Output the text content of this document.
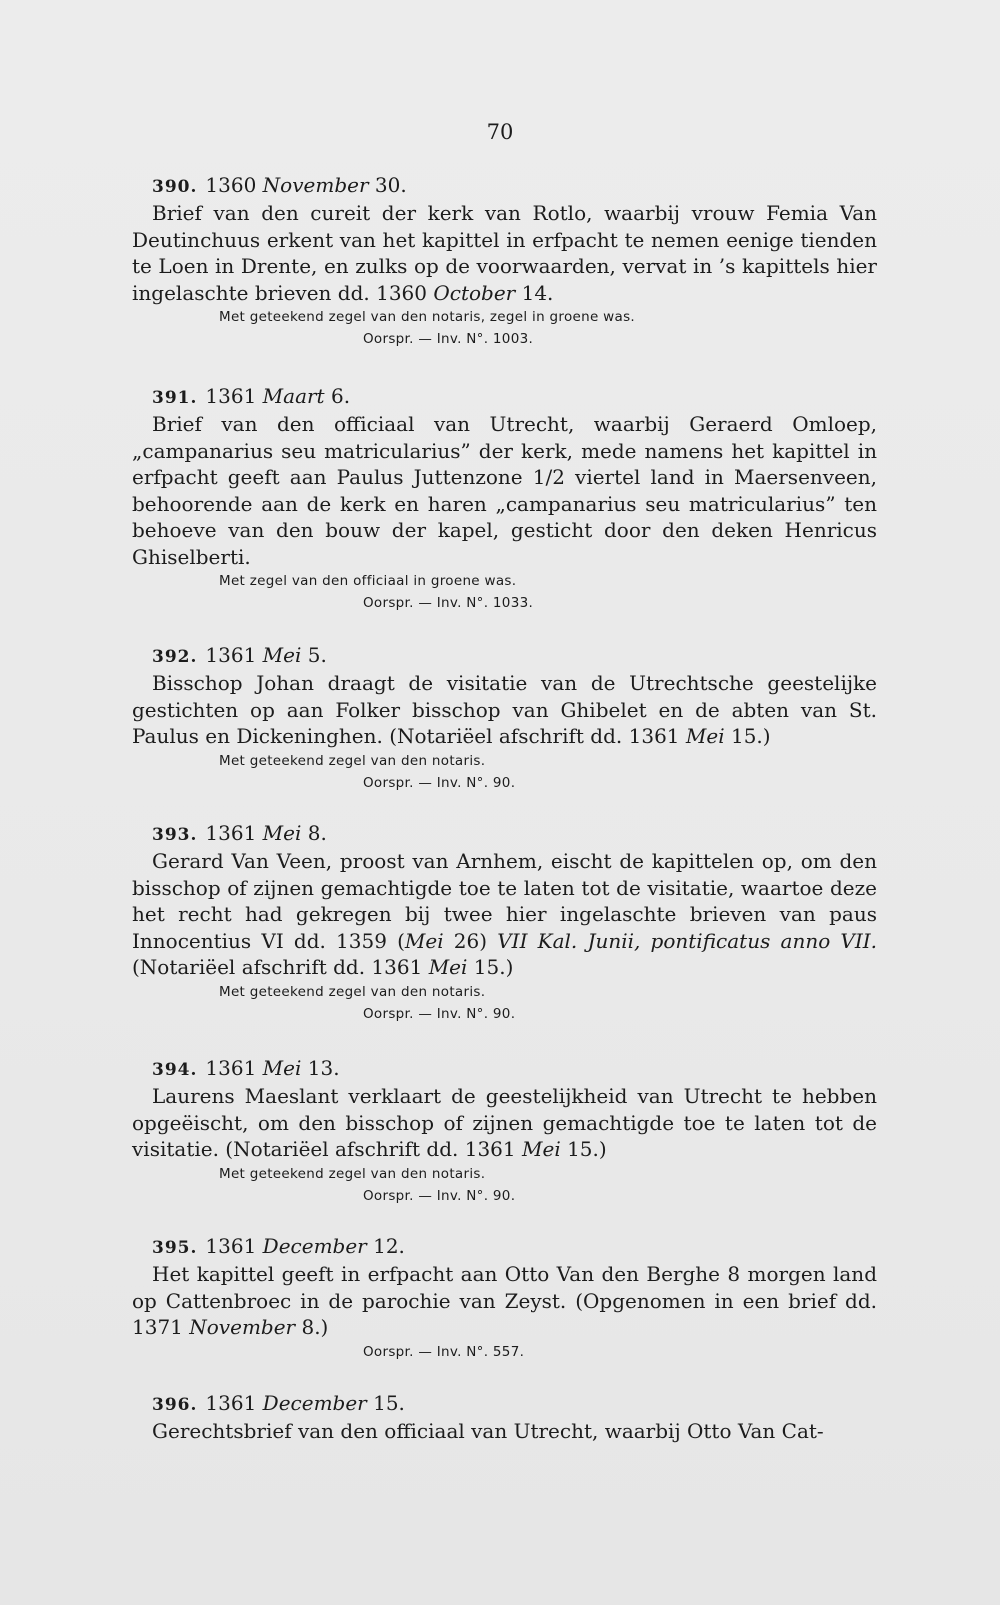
70
390. 1360 November 30.

Brief van den cureit der kerk van Rotlo, waarbij vrouw Femia Van Deutinchuus erkent van het kapittel in erfpacht te nemen eenige tienden te Loen in Drente, en zulks op de voorwaarden, vervat in ’s kapittels hier ingelaschte brieven dd. 1360 October 14.

Met geteekend zegel van den notaris, zegel in groene was.
Oorspr. — Inv. N°. 1003.
391. 1361 Maart 6.

Brief van den officiaal van Utrecht, waarbij Geraerd Omloep, „campanarius seu matricularius” der kerk, mede namens het kapittel in erfpacht geeft aan Paulus Juttenzone 1/2 viertel land in Maersenveen, behoorende aan de kerk en haren „campanarius seu matricularius” ten behoeve van den bouw der kapel, gesticht door den deken Henricus Ghiselberti.

Met zegel van den officiaal in groene was.
Oorspr. — Inv. N°. 1033.
392. 1361 Mei 5.

Bisschop Johan draagt de visitatie van de Utrechtsche geestelijke gestichten op aan Folker bisschop van Ghibelet en de abten van St. Paulus en Dickeninghen. (Notariëel afschrift dd. 1361 Mei 15.)

Met geteekend zegel van den notaris.
Oorspr. — Inv. N°. 90.
393. 1361 Mei 8.

Gerard Van Veen, proost van Arnhem, eischt de kapittelen op, om den bisschop of zijnen gemachtigde toe te laten tot de visitatie, waartoe deze het recht had gekregen bij twee hier ingelaschte brieven van paus Innocentius VI dd. 1359 (Mei 26) VII Kal. Junii, pontificatus anno VII. (Notariëel afschrift dd. 1361 Mei 15.)

Met geteekend zegel van den notaris.
Oorspr. — Inv. N°. 90.
394. 1361 Mei 13.

Laurens Maeslant verklaart de geestelijkheid van Utrecht te hebben opgeëischt, om den bisschop of zijnen gemachtigde toe te laten tot de visitatie. (Notariëel afschrift dd. 1361 Mei 15.)

Met geteekend zegel van den notaris.
Oorspr. — Inv. N°. 90.
395. 1361 December 12.

Het kapittel geeft in erfpacht aan Otto Van den Berghe 8 morgen land op Cattenbroec in de parochie van Zeyst. (Opgenomen in een brief dd. 1371 November 8.)

Oorspr. — Inv. N°. 557.
396. 1361 December 15.

Gerechtsbrief van den officiaal van Utrecht, waarbij Otto Van Cat-
